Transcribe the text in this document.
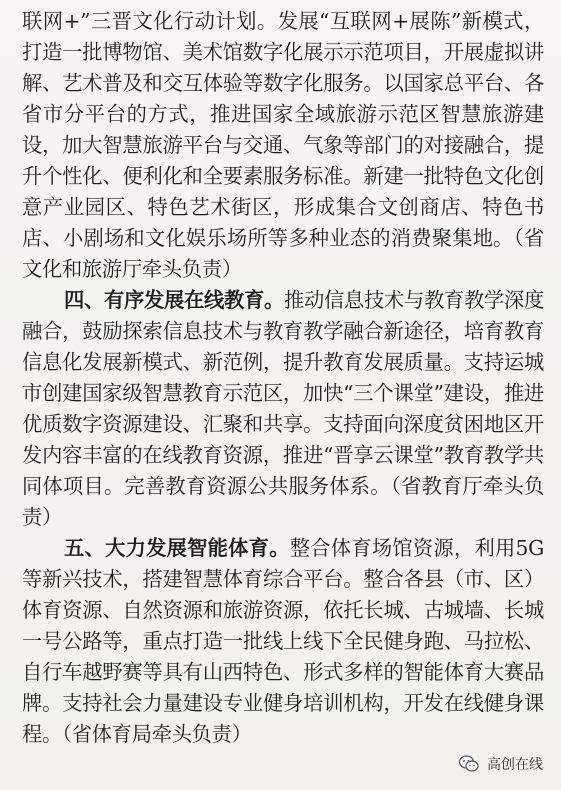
联网+”三晋文化行动计划。发展“互联网+展陈”新模式，打造一批博物馆、美术馆数字化展示示范项目，开展虚拟讲解、艺术普及和交互体验等数字化服务。以国家总平台、各省市分平台的方式，推进国家全域旅游示范区智慧旅游建设，加大智慧旅游平台与交通、气象等部门的对接融合，提升个性化、便利化和全要素服务标准。新建一批特色文化创意产业园区、特色艺术街区，形成集合文创商店、特色书店、小剧场和文化娱乐场所等多种业态的消费聚集地。（省文化和旅游厅牵头负责）

四、有序发展在线教育。推动信息技术与教育教学深度融合，鼓励探索信息技术与教育教学融合新途径，培育教育信息化发展新模式、新范例，提升教育发展质量。支持运城市创建国家级智慧教育示范区，加快“三个课堂”建设，推进优质数字资源建设、汇聚和共享。支持面向深度贫困地区开发内容丰富的在线教育资源，推进“晋享云课堂”教育教学共同体项目。完善教育资源公共服务体系。（省教育厅牵头负责）

五、大力发展智能体育。整合体育场馆资源，利用5G等新兴技术，搭建智慧体育综合平台。整合各县（市、区）体育资源、自然资源和旅游资源，依托长城、古城墙、长城一号公路等，重点打造一批线上线下全民健身跑、马拉松、自行车越野赛等具有山西特色、形式多样的智能体育大赛品牌。支持社会力量建设专业健身培训机构，开发在线健身课程。（省体育局牵头负责）

高创在线
